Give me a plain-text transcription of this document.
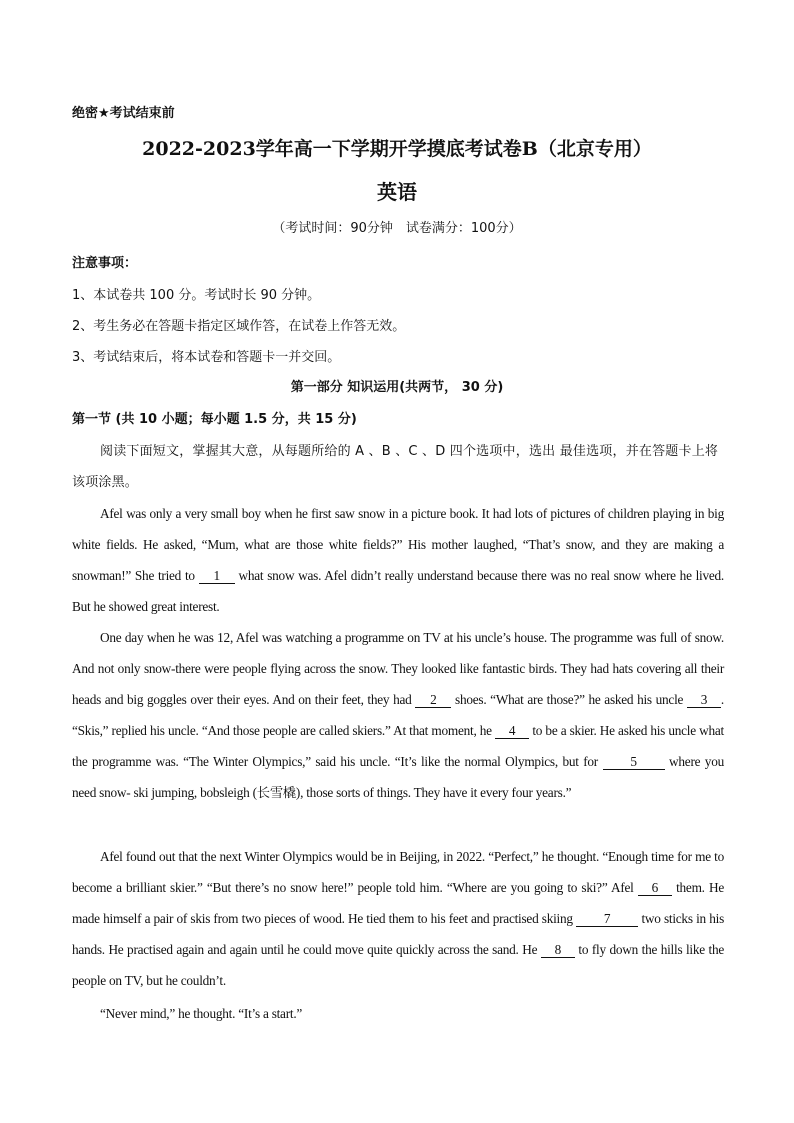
绝密★考试结束前
2022-2023学年高一下学期开学摸底考试卷B（北京专用）
英语
（考试时间：90分钟　试卷满分：100分）
注意事项：
1、本试卷共 100 分。考试时长 90 分钟。
2、考生务必在答题卡指定区域作答，在试卷上作答无效。
3、考试结束后，将本试卷和答题卡一并交回。
第一部分 知识运用(共两节， 30 分)
第一节 (共 10 小题；每小题 1.5 分，共 15 分)
阅读下面短文，掌握其大意，从每题所给的 A 、B 、C 、D 四个选项中，选出 最佳选项，并在答题卡上将该项涂黑。
Afel was only a very small boy when he first saw snow in a picture book. It had lots of pictures of children playing in big white fields. He asked, “Mum, what are those white fields?” His mother laughed, “That’s snow, and they are making a snowman!” She tried to 1 what snow was. Afel didn’t really understand because there was no real snow where he lived. But he showed great interest.
One day when he was 12, Afel was watching a programme on TV at his uncle’s house. The programme was full of snow. And not only snow-there were people flying across the snow. They looked like fantastic birds. They had hats covering all their heads and big goggles over their eyes. And on their feet, they had 2 shoes. “What are those?” he asked his uncle 3 . “Skis,” replied his uncle. “And those people are called skiers.” At that moment, he 4 to be a skier. He asked his uncle what the programme was. “The Winter Olympics,” said his uncle. “It’s like the normal Olympics, but for 5 where you need snow- ski jumping, bobsleigh (长雪橇), those sorts of things. They have it every four years.”
Afel found out that the next Winter Olympics would be in Beijing, in 2022. “Perfect,” he thought. “Enough time for me to become a brilliant skier.” “But there’s no snow here!” people told him. “Where are you going to ski?” Afel 6 them. He made himself a pair of skis from two pieces of wood. He tied them to his feet and practised skiing 7 two sticks in his hands. He practised again and again until he could move quite quickly across the sand. He 8 to fly down the hills like the people on TV, but he couldn’t.
“Never mind,” he thought. “It’s a start.”
